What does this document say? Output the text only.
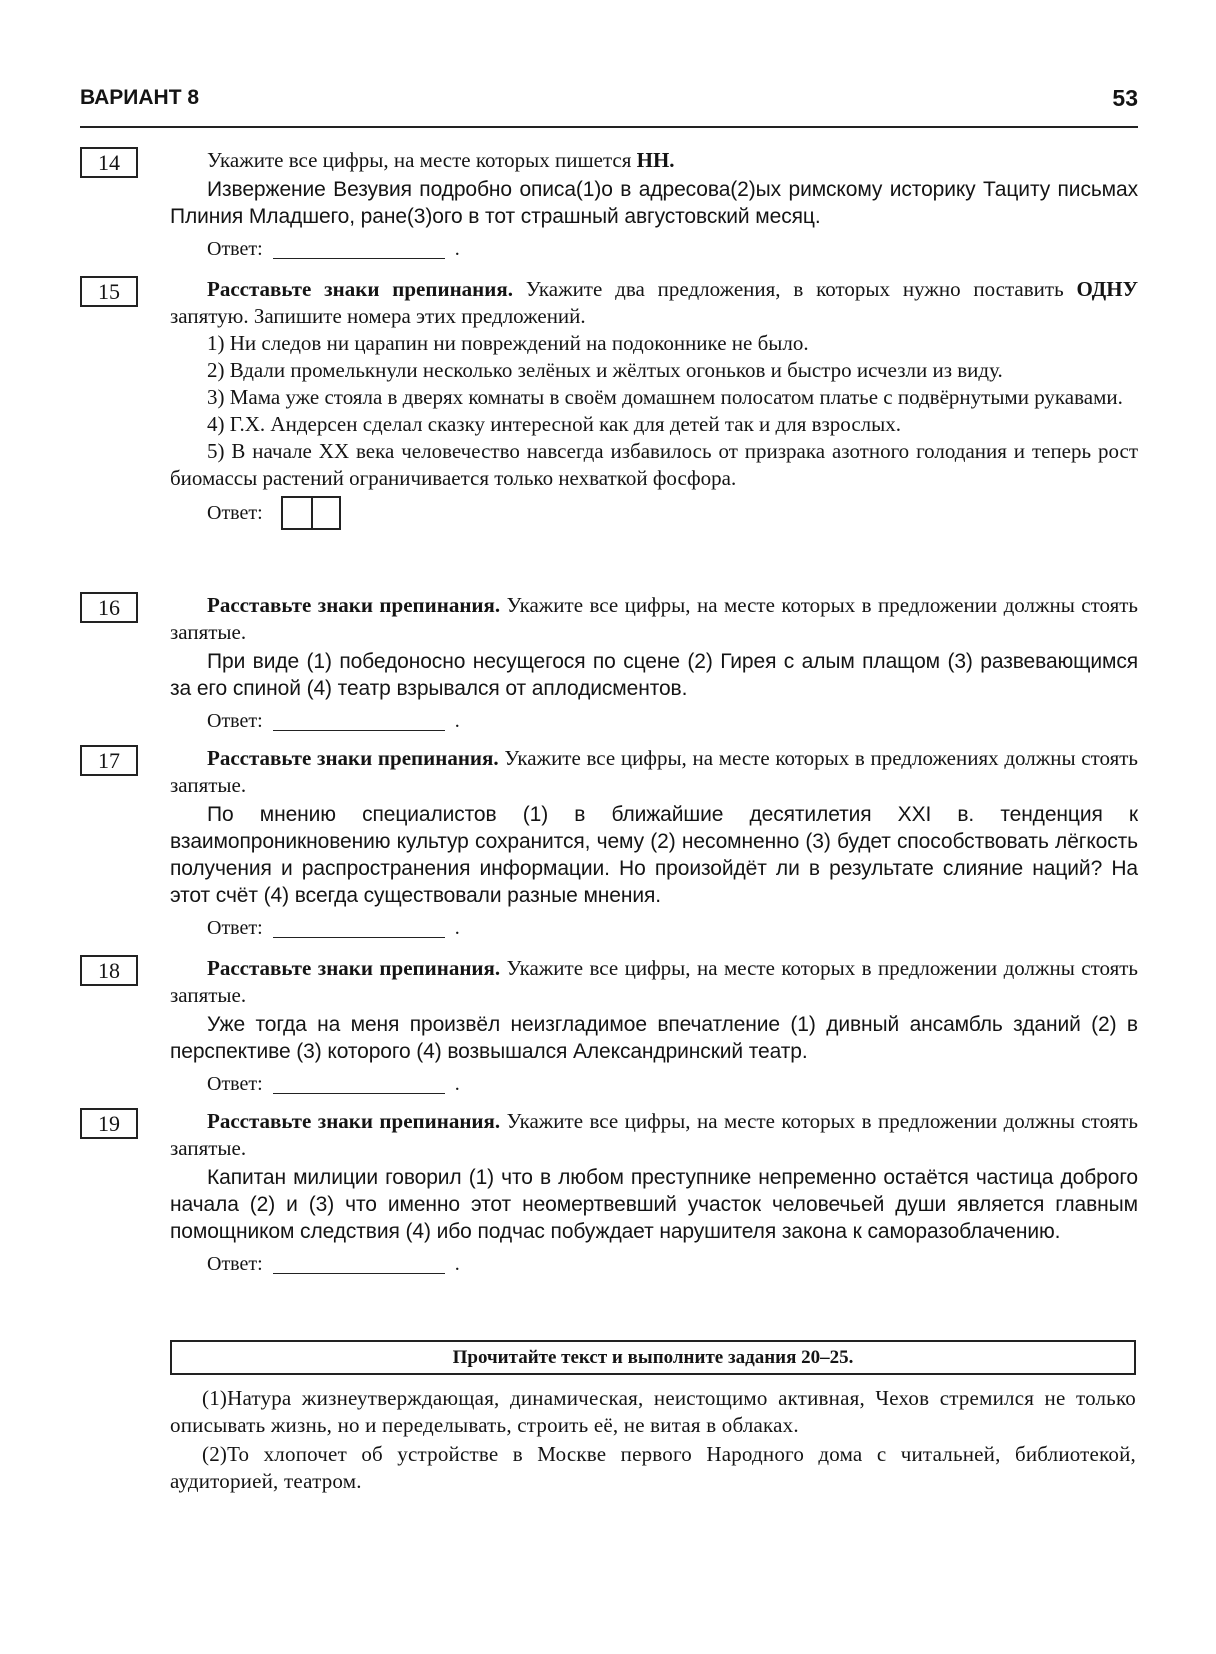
ВАРИАНТ 8	53
14	Укажите все цифры, на месте которых пишется НН.

Извержение Везувия подробно описа(1)о в адресова(2)ых римскому историку Тациту письмах Плиния Младшего, ране(3)ого в тот страшный августовский месяц.

Ответ:	.
15	Расставьте знаки препинания. Укажите два предложения, в которых нужно поставить ОДНУ запятую. Запишите номера этих предложений.

1) Ни следов ни царапин ни повреждений на подоконнике не было.

2) Вдали промелькнули несколько зелёных и жёлтых огоньков и быстро исчезли из виду.

3) Мама уже стояла в дверях комнаты в своём домашнем полосатом платье с подвёрнутыми рукавами.

4) Г.Х. Андерсен сделал сказку интересной как для детей так и для взрослых.

5) В начале XX века человечество навсегда избавилось от призрака азотного голодания и теперь рост биомассы растений ограничивается только нехваткой фосфора.

Ответ:
16	Расставьте знаки препинания. Укажите все цифры, на месте которых в предложении должны стоять запятые.

При виде (1) победоносно несущегося по сцене (2) Гирея с алым плащом (3) развевающимся за его спиной (4) театр взрывался от аплодисментов.

Ответ:	.
17	Расставьте знаки препинания. Укажите все цифры, на месте которых в предложениях должны стоять запятые.

По мнению специалистов (1) в ближайшие десятилетия XXI в. тенденция к взаимопроникновению культур сохранится, чему (2) несомненно (3) будет способствовать лёгкость получения и распространения информации. Но произойдёт ли в результате слияние наций? На этот счёт (4) всегда существовали разные мнения.

Ответ:	.
18	Расставьте знаки препинания. Укажите все цифры, на месте которых в предложении должны стоять запятые.

Уже тогда на меня произвёл неизгладимое впечатление (1) дивный ансамбль зданий (2) в перспективе (3) которого (4) возвышался Александринский театр.

Ответ:	.
19	Расставьте знаки препинания. Укажите все цифры, на месте которых в предложении должны стоять запятые.

Капитан милиции говорил (1) что в любом преступнике непременно остаётся частица доброго начала (2) и (3) что именно этот неомертвевший участок человечьей души является главным помощником следствия (4) ибо подчас побуждает нарушителя закона к саморазоблачению.

Ответ:	.
Прочитайте текст и выполните задания 20–25.

(1)Натура жизнеутверждающая, динамическая, неистощимо активная, Чехов стремился не только описывать жизнь, но и переделывать, строить её, не витая в облаках.

(2)То хлопочет об устройстве в Москве первого Народного дома с читальней, библиотекой, аудиторией, театром.
